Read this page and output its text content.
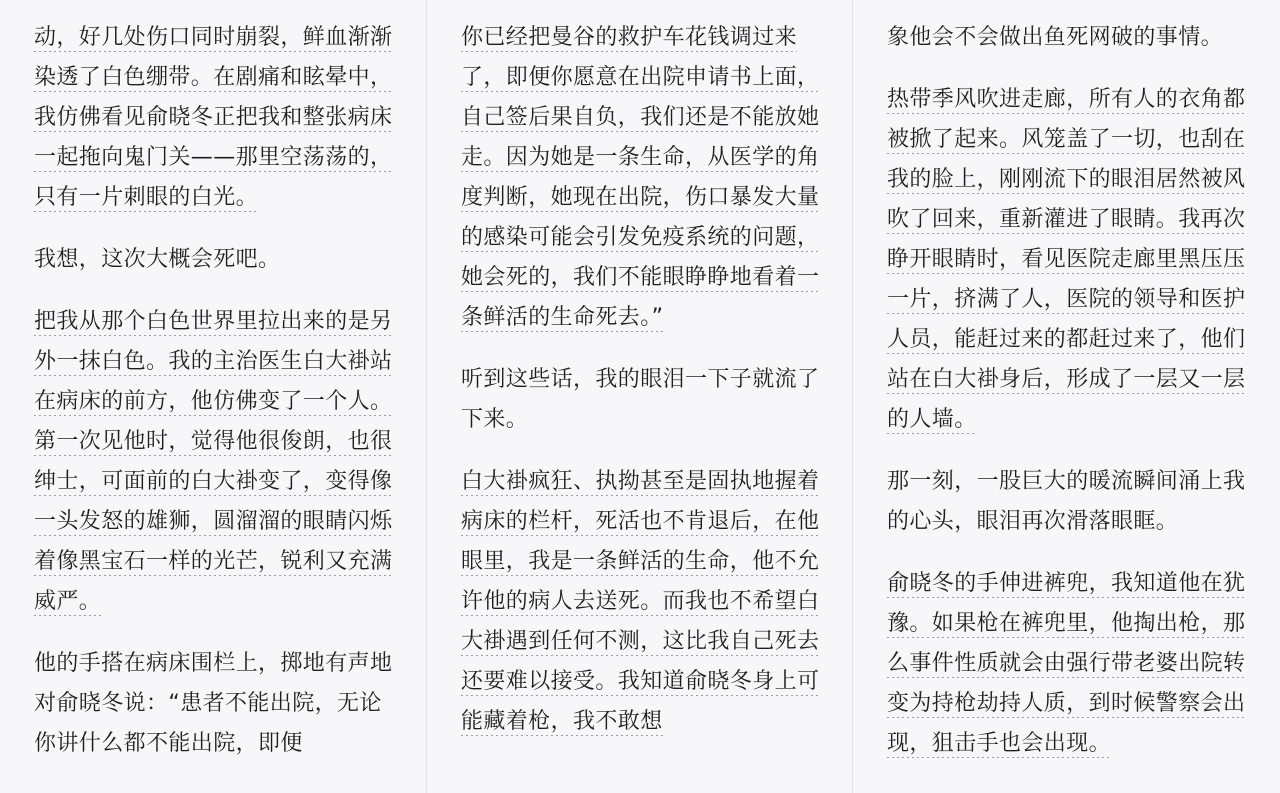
动，好几处伤口同时崩裂，鲜血渐渐染透了白色绷带。在剧痛和眩晕中，我仿佛看见俞晓冬正把我和整张病床一起拖向鬼门关——那里空荡荡的，只有一片刺眼的白光。

我想，这次大概会死吧。

把我从那个白色世界里拉出来的是另外一抹白色。我的主治医生白大褂站在病床的前方，他仿佛变了一个人。第一次见他时，觉得他很俊朗，也很绅士，可面前的白大褂变了，变得像一头发怒的雄狮，圆溜溜的眼睛闪烁着像黑宝石一样的光芒，锐利又充满威严。

他的手搭在病床围栏上，掷地有声地对俞晓冬说：“患者不能出院，无论你讲什么都不能出院，即便

你已经把曼谷的救护车花钱调过来了，即便你愿意在出院申请书上面，自己签后果自负，我们还是不能放她走。因为她是一条生命，从医学的角度判断，她现在出院，伤口暴发大量的感染可能会引发免疫系统的问题，她会死的，我们不能眼睁睁地看着一条鲜活的生命死去。”

听到这些话，我的眼泪一下子就流了下来。

白大褂疯狂、执拗甚至是固执地握着病床的栏杆，死活也不肯退后，在他眼里，我是一条鲜活的生命，他不允许他的病人去送死。而我也不希望白大褂遇到任何不测，这比我自己死去还要难以接受。我知道俞晓冬身上可能藏着枪，我不敢想

象他会不会做出鱼死网破的事情。

热带季风吹进走廊，所有人的衣角都被掀了起来。风笼盖了一切，也刮在我的脸上，刚刚流下的眼泪居然被风吹了回来，重新灌进了眼睛。我再次睁开眼睛时，看见医院走廊里黑压压一片，挤满了人，医院的领导和医护人员，能赶过来的都赶过来了，他们站在白大褂身后，形成了一层又一层的人墙。

那一刻，一股巨大的暖流瞬间涌上我的心头，眼泪再次滑落眼眶。

俞晓冬的手伸进裤兜，我知道他在犹豫。如果枪在裤兜里，他掏出枪，那么事件性质就会由强行带老婆出院转变为持枪劫持人质，到时候警察会出现，狙击手也会出现。
